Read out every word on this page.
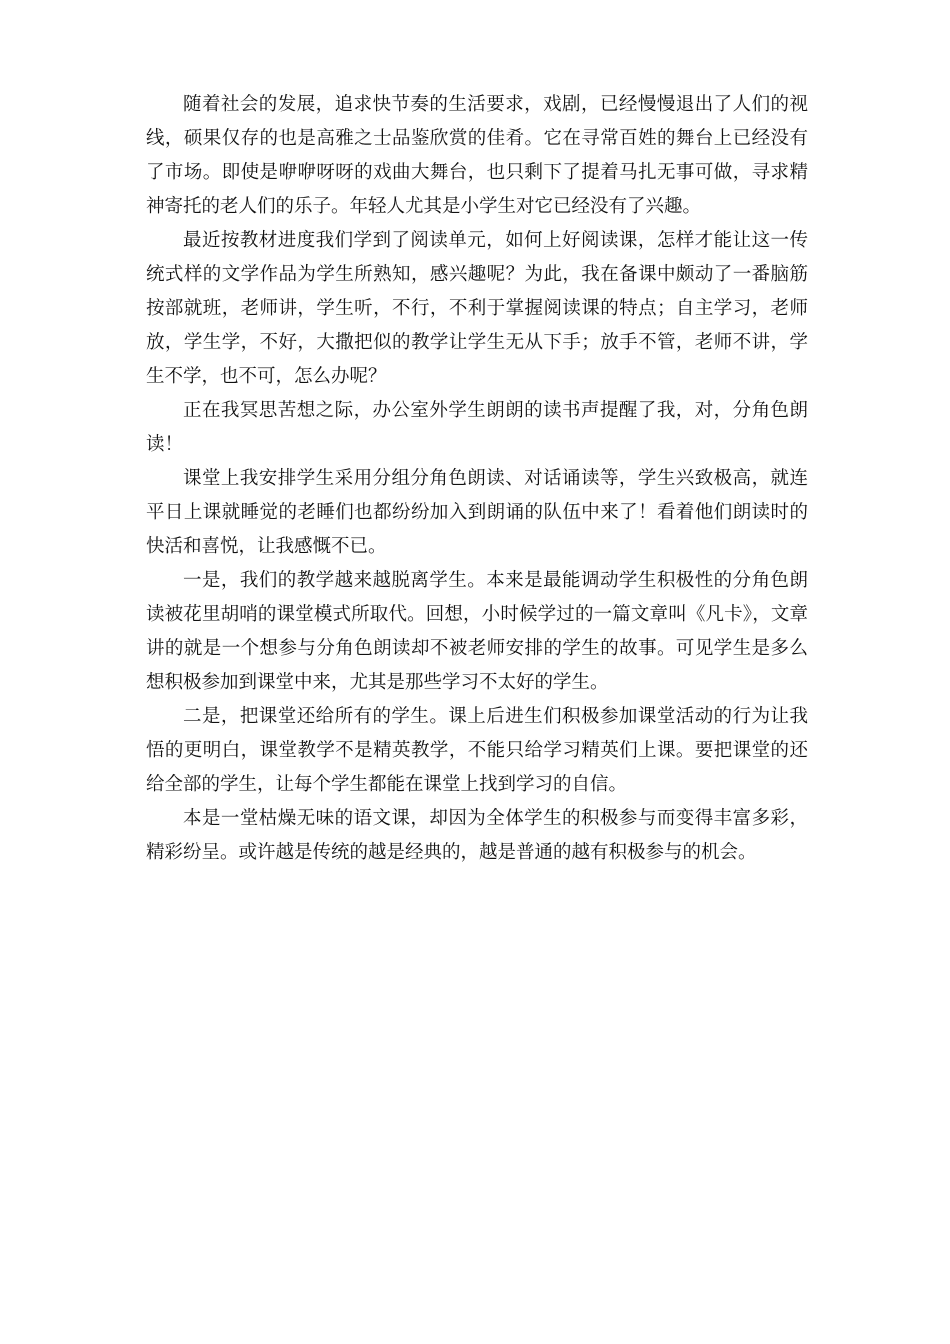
随着社会的发展，追求快节奏的生活要求，戏剧，已经慢慢退出了人们的视线，硕果仅存的也是高雅之士品鉴欣赏的佳肴。它在寻常百姓的舞台上已经没有了市场。即使是咿咿呀呀的戏曲大舞台，也只剩下了提着马扎无事可做，寻求精神寄托的老人们的乐子。年轻人尤其是小学生对它已经没有了兴趣。

最近按教材进度我们学到了阅读单元，如何上好阅读课，怎样才能让这一传统式样的文学作品为学生所熟知，感兴趣呢？为此，我在备课中颇动了一番脑筋按部就班，老师讲，学生听，不行，不利于掌握阅读课的特点；自主学习，老师放，学生学，不好，大撒把似的教学让学生无从下手；放手不管，老师不讲，学生不学，也不可，怎么办呢？

正在我冥思苦想之际，办公室外学生朗朗的读书声提醒了我，对，分角色朗读！

课堂上我安排学生采用分组分角色朗读、对话诵读等，学生兴致极高，就连平日上课就睡觉的老睡们也都纷纷加入到朗诵的队伍中来了！看着他们朗读时的快活和喜悦，让我感慨不已。

一是，我们的教学越来越脱离学生。本来是最能调动学生积极性的分角色朗读被花里胡哨的课堂模式所取代。回想，小时候学过的一篇文章叫《凡卡》，文章讲的就是一个想参与分角色朗读却不被老师安排的学生的故事。可见学生是多么想积极参加到课堂中来，尤其是那些学习不太好的学生。

二是，把课堂还给所有的学生。课上后进生们积极参加课堂活动的行为让我悟的更明白，课堂教学不是精英教学，不能只给学习精英们上课。要把课堂的还给全部的学生，让每个学生都能在课堂上找到学习的自信。

本是一堂枯燥无味的语文课，却因为全体学生的积极参与而变得丰富多彩，精彩纷呈。或许越是传统的越是经典的，越是普通的越有积极参与的机会。
